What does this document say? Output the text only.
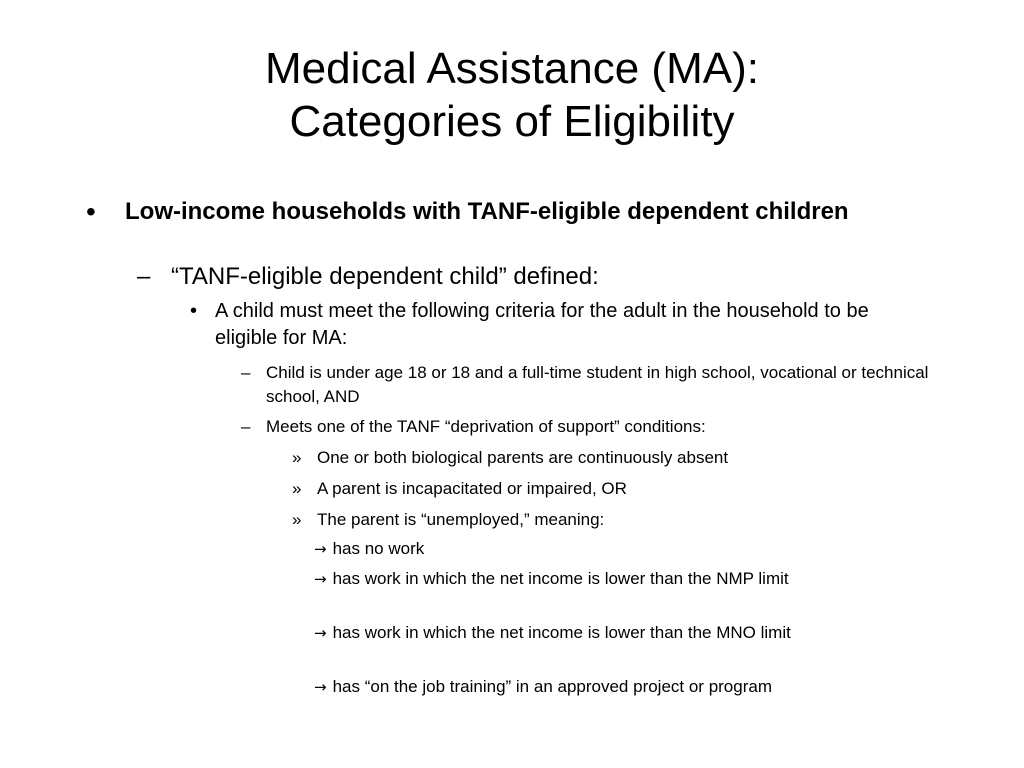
Medical Assistance (MA):
Categories of Eligibility
• Low-income households with TANF-eligible dependent children
– “TANF-eligible dependent child” defined:
• A child must meet the following criteria for the adult in the household to be eligible for MA:
– Child is under age 18 or 18 and a full-time student in high school, vocational or technical school, AND
– Meets one of the TANF “deprivation of support” conditions:
» One or both biological parents are continuously absent
» A parent is incapacitated or impaired, OR
» The parent is “unemployed,” meaning:
→ has no work
→ has work in which the net income is lower than the NMP limit
→ has work in which the net income is lower than the MNO limit
→ has “on the job training” in an approved project or program
